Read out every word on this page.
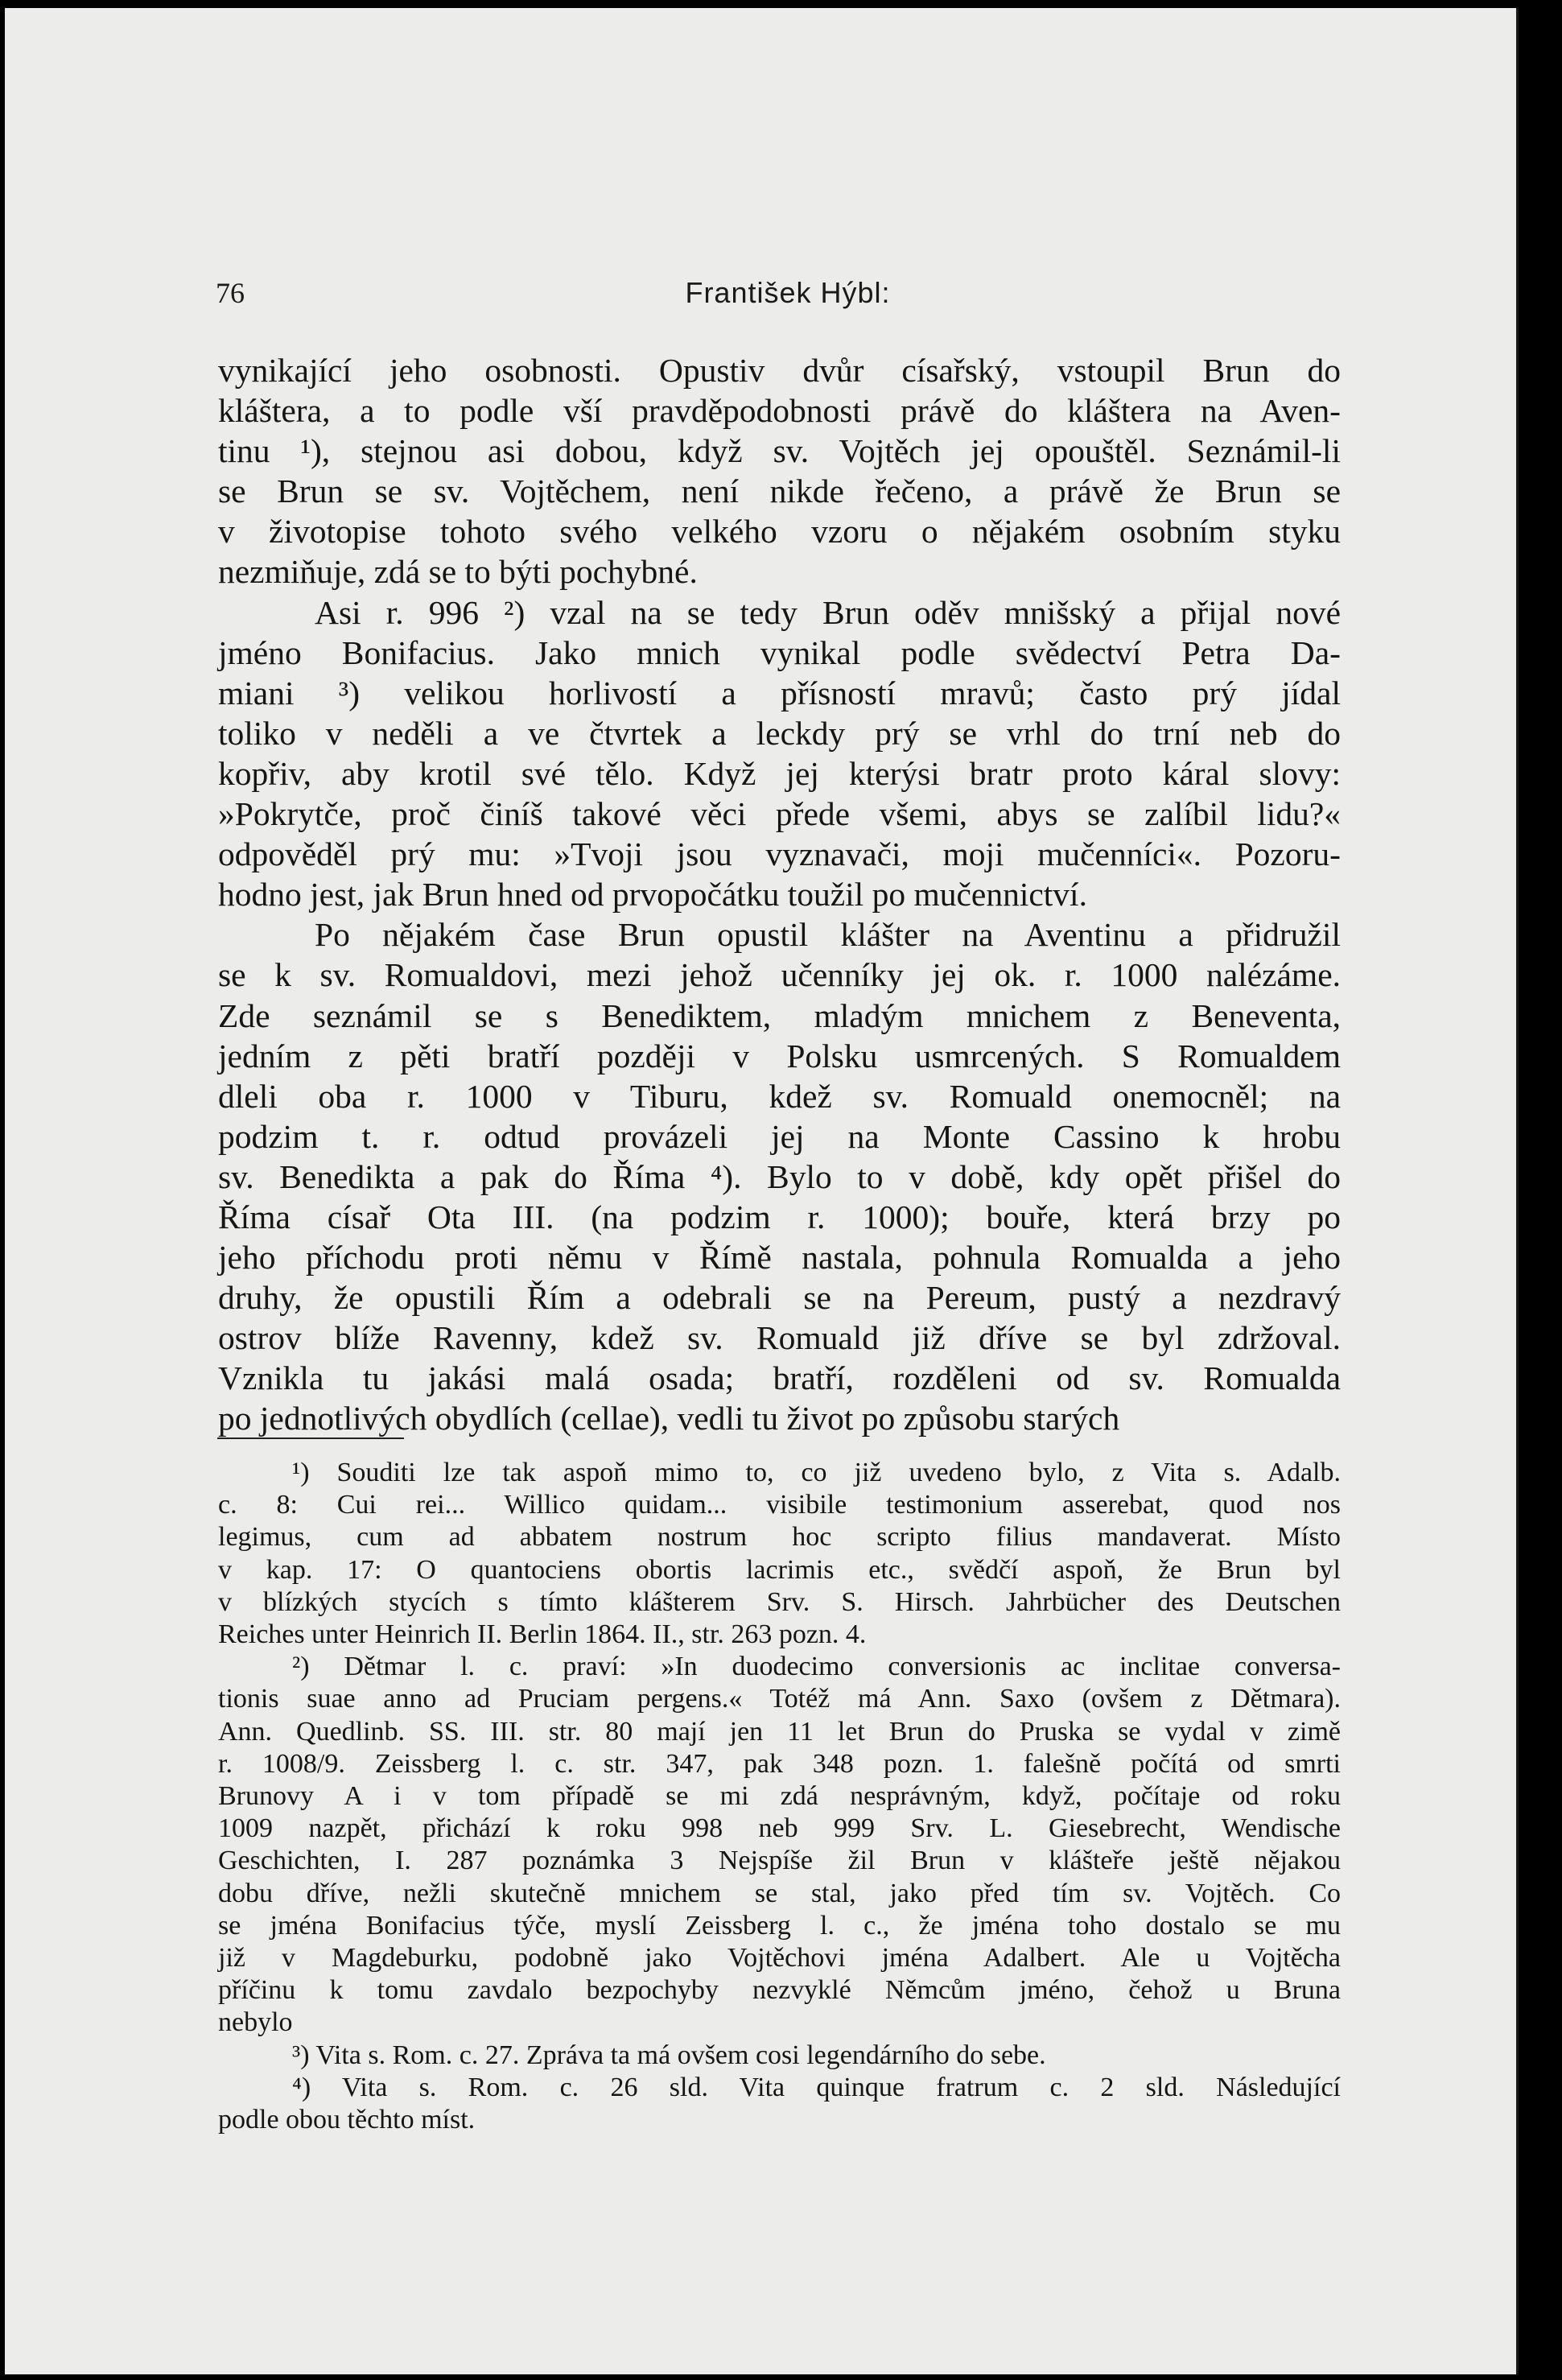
76	František Hýbl:
vynikající jeho osobnosti. Opustiv dvůr císařský, vstoupil Brun do
kláštera, a to podle vší pravděpodobnosti právě do kláštera na Aven-
tinu ¹), stejnou asi dobou, když sv. Vojtěch jej opouštěl. Seznámil-li
se Brun se sv. Vojtěchem, není nikde řečeno, a právě že Brun se
v životopise tohoto svého velkého vzoru o nějakém osobním styku
nezmiňuje, zdá se to býti pochybné.
Asi r. 996 ²) vzal na se tedy Brun oděv mnišský a přijal nové
jméno Bonifacius. Jako mnich vynikal podle svědectví Petra Da-
miani ³) velikou horlivostí a přísností mravů; často prý jídal
toliko v neděli a ve čtvrtek a leckdy prý se vrhl do trní neb do
kopřiv, aby krotil své tělo. Když jej kterýsi bratr proto káral slovy:
»Pokrytče, proč činíš takové věci přede všemi, abys se zalíbil lidu?«
odpověděl prý mu: »Tvoji jsou vyznavači, moji mučenníci«. Pozoru-
hodno jest, jak Brun hned od prvopočátku toužil po mučennictví.
Po nějakém čase Brun opustil klášter na Aventinu a přidružil
se k sv. Romualdovi, mezi jehož učenníky jej ok. r. 1000 nalézáme.
Zde seznámil se s Benediktem, mladým mnichem z Beneventa,
jedním z pěti bratří později v Polsku usmrcených. S Romualdem
dleli oba r. 1000 v Tiburu, kdež sv. Romuald onemocněl; na
podzim t. r. odtud provázeli jej na Monte Cassino k hrobu
sv. Benedikta a pak do Říma ⁴). Bylo to v době, kdy opět přišel do
Říma císař Ota III. (na podzim r. 1000); bouře, která brzy po
jeho příchodu proti němu v Římě nastala, pohnula Romualda a jeho
druhy, že opustili Řím a odebrali se na Pereum, pustý a nezdravý
ostrov blíže Ravenny, kdež sv. Romuald již dříve se byl zdržoval.
Vznikla tu jakási malá osada; bratří, rozděleni od sv. Romualda
po jednotlivých obydlích (cellae), vedli tu život po způsobu starých
¹) Souditi lze tak aspoň mimo to, co již uvedeno bylo, z Vita s. Adalb.
c. 8: Cui rei... Willico quidam... visibile testimonium asserebat, quod nos
legimus, cum ad abbatem nostrum hoc scripto filius mandaverat. Místo
v kap. 17: O quantociens obortis lacrimis etc., svědčí aspoň, že Brun byl
v blízkých stycích s tímto klášterem Srv. S. Hirsch. Jahrbücher des Deutschen
Reiches unter Heinrich II. Berlin 1864. II., str. 263 pozn. 4.
²) Dětmar l. c. praví: »In duodecimo conversionis ac inclitae conversa-
tionis suae anno ad Pruciam pergens.« Totéž má Ann. Saxo (ovšem z Dětmara).
Ann. Quedlinb. SS. III. str. 80 mají jen 11 let Brun do Pruska se vydal v zimě
r. 1008/9. Zeissberg l. c. str. 347, pak 348 pozn. 1. falešně počítá od smrti
Brunovy A i v tom případě se mi zdá nesprávným, když, počítaje od roku
1009 nazpět, přichází k roku 998 neb 999 Srv. L. Giesebrecht, Wendische
Geschichten, I. 287 poznámka 3 Nejspíše žil Brun v klášteře ještě nějakou
dobu dříve, nežli skutečně mnichem se stal, jako před tím sv. Vojtěch. Co
se jména Bonifacius týče, myslí Zeissberg l. c., že jména toho dostalo se mu
již v Magdeburku, podobně jako Vojtěchovi jména Adalbert. Ale u Vojtěcha
příčinu k tomu zavdalo bezpochyby nezvyklé Němcům jméno, čehož u Bruna
nebylo
³) Vita s. Rom. c. 27. Zpráva ta má ovšem cosi legendárního do sebe.
⁴) Vita s. Rom. c. 26 sld. Vita quinque fratrum c. 2 sld. Následující
podle obou těchto míst.
